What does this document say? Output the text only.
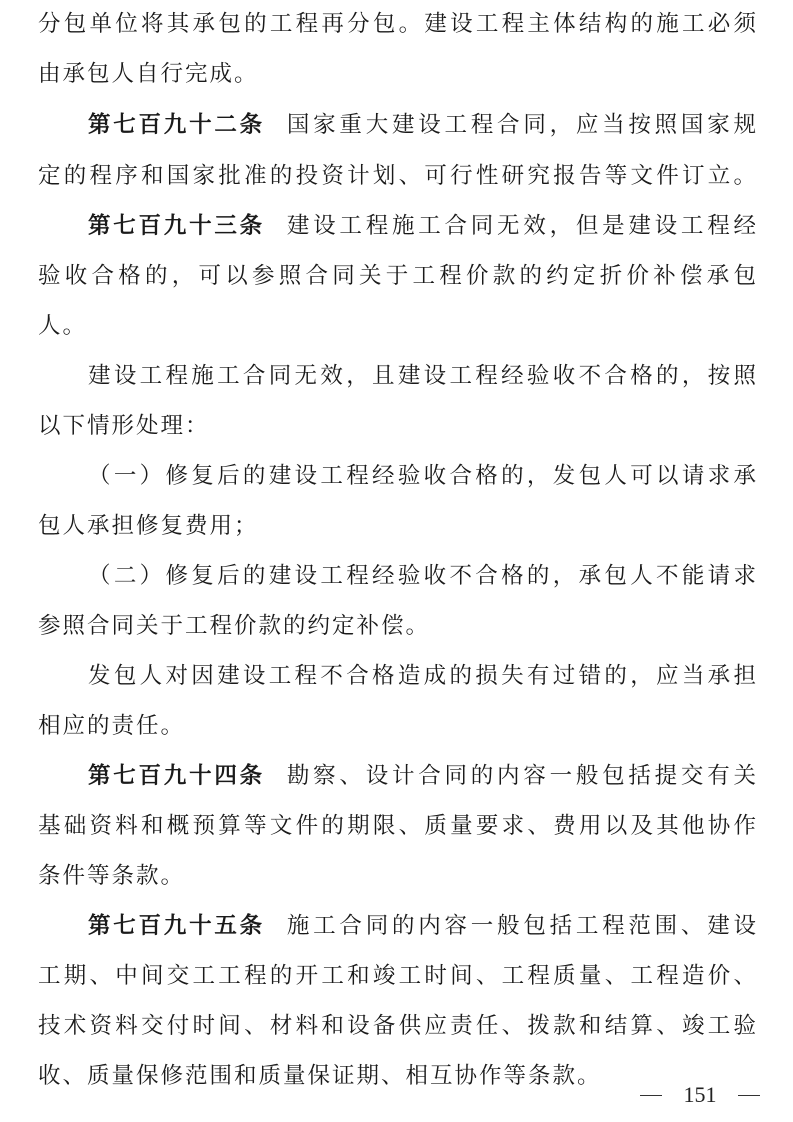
分包单位将其承包的工程再分包。建设工程主体结构的施工必须
由承包人自行完成。
第七百九十二条 国家重大建设工程合同，应当按照国家规
定的程序和国家批准的投资计划、可行性研究报告等文件订立。
第七百九十三条 建设工程施工合同无效，但是建设工程经
验收合格的，可以参照合同关于工程价款的约定折价补偿承包
人。
建设工程施工合同无效，且建设工程经验收不合格的，按照
以下情形处理：
（一）修复后的建设工程经验收合格的，发包人可以请求承
包人承担修复费用；
（二）修复后的建设工程经验收不合格的，承包人不能请求
参照合同关于工程价款的约定补偿。
发包人对因建设工程不合格造成的损失有过错的，应当承担
相应的责任。
第七百九十四条 勘察、设计合同的内容一般包括提交有关
基础资料和概预算等文件的期限、质量要求、费用以及其他协作
条件等条款。
第七百九十五条 施工合同的内容一般包括工程范围、建设
工期、中间交工工程的开工和竣工时间、工程质量、工程造价、
技术资料交付时间、材料和设备供应责任、拨款和结算、竣工验
收、质量保修范围和质量保证期、相互协作等条款。
151
